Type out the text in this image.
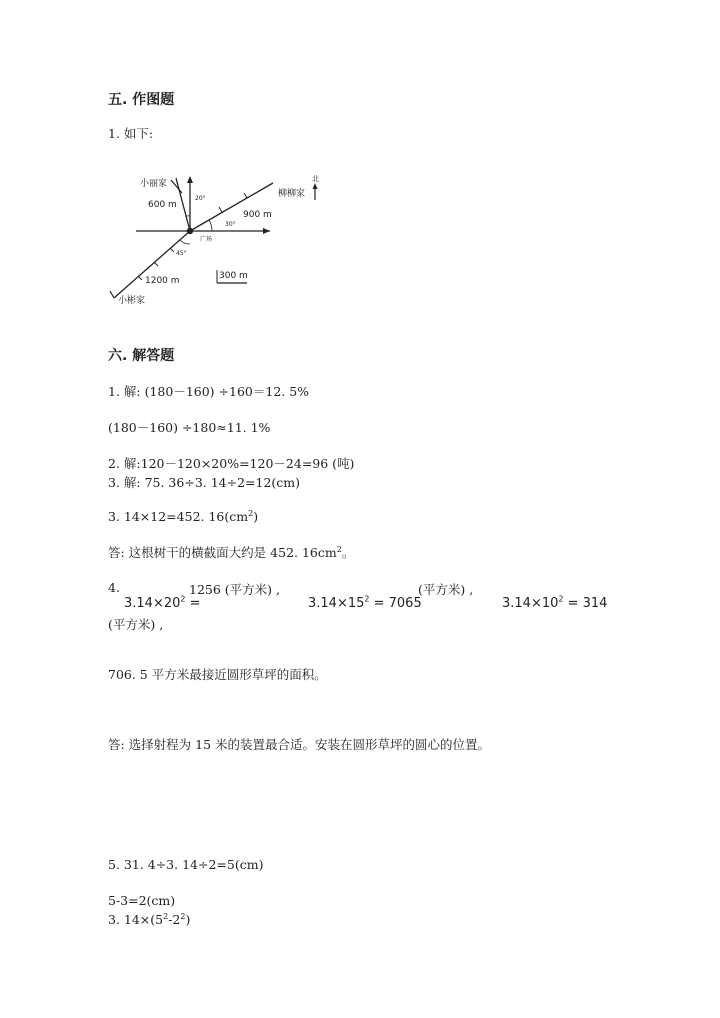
五. 作图题
1. 如下:
小丽家
柳柳家
小彬家
广场
北
600 m
900 m
1200 m
20°
30°
45°
300 m
六. 解答题
1. 解: (180－160) ÷160＝12. 5%
(180－160) ÷180≈11. 1%
2. 解:120－120×20%=120－24=96 (吨)
3. 解: 75. 36÷3. 14÷2=12(cm)
3. 14×12=452. $16(cm^2)$
答: 这根树干的横截面大约是 452. $16cm^2$。
4.	1256 (平方米) ,	(平方米) ,
$3.14\times 20^2$ =	$3.14\times 15^2 = 7065$	$3.14\times 10^2 = 314$
(平方米) ,
706. 5 平方米最接近圆形草坪的面积。
答: 选择射程为 15 米的装置最合适。安装在圆形草坪的圆心的位置。
5. 31. 4÷3. 14÷2=5(cm)
5-3=2(cm)
3. $14\times(5^2-2^2)$
